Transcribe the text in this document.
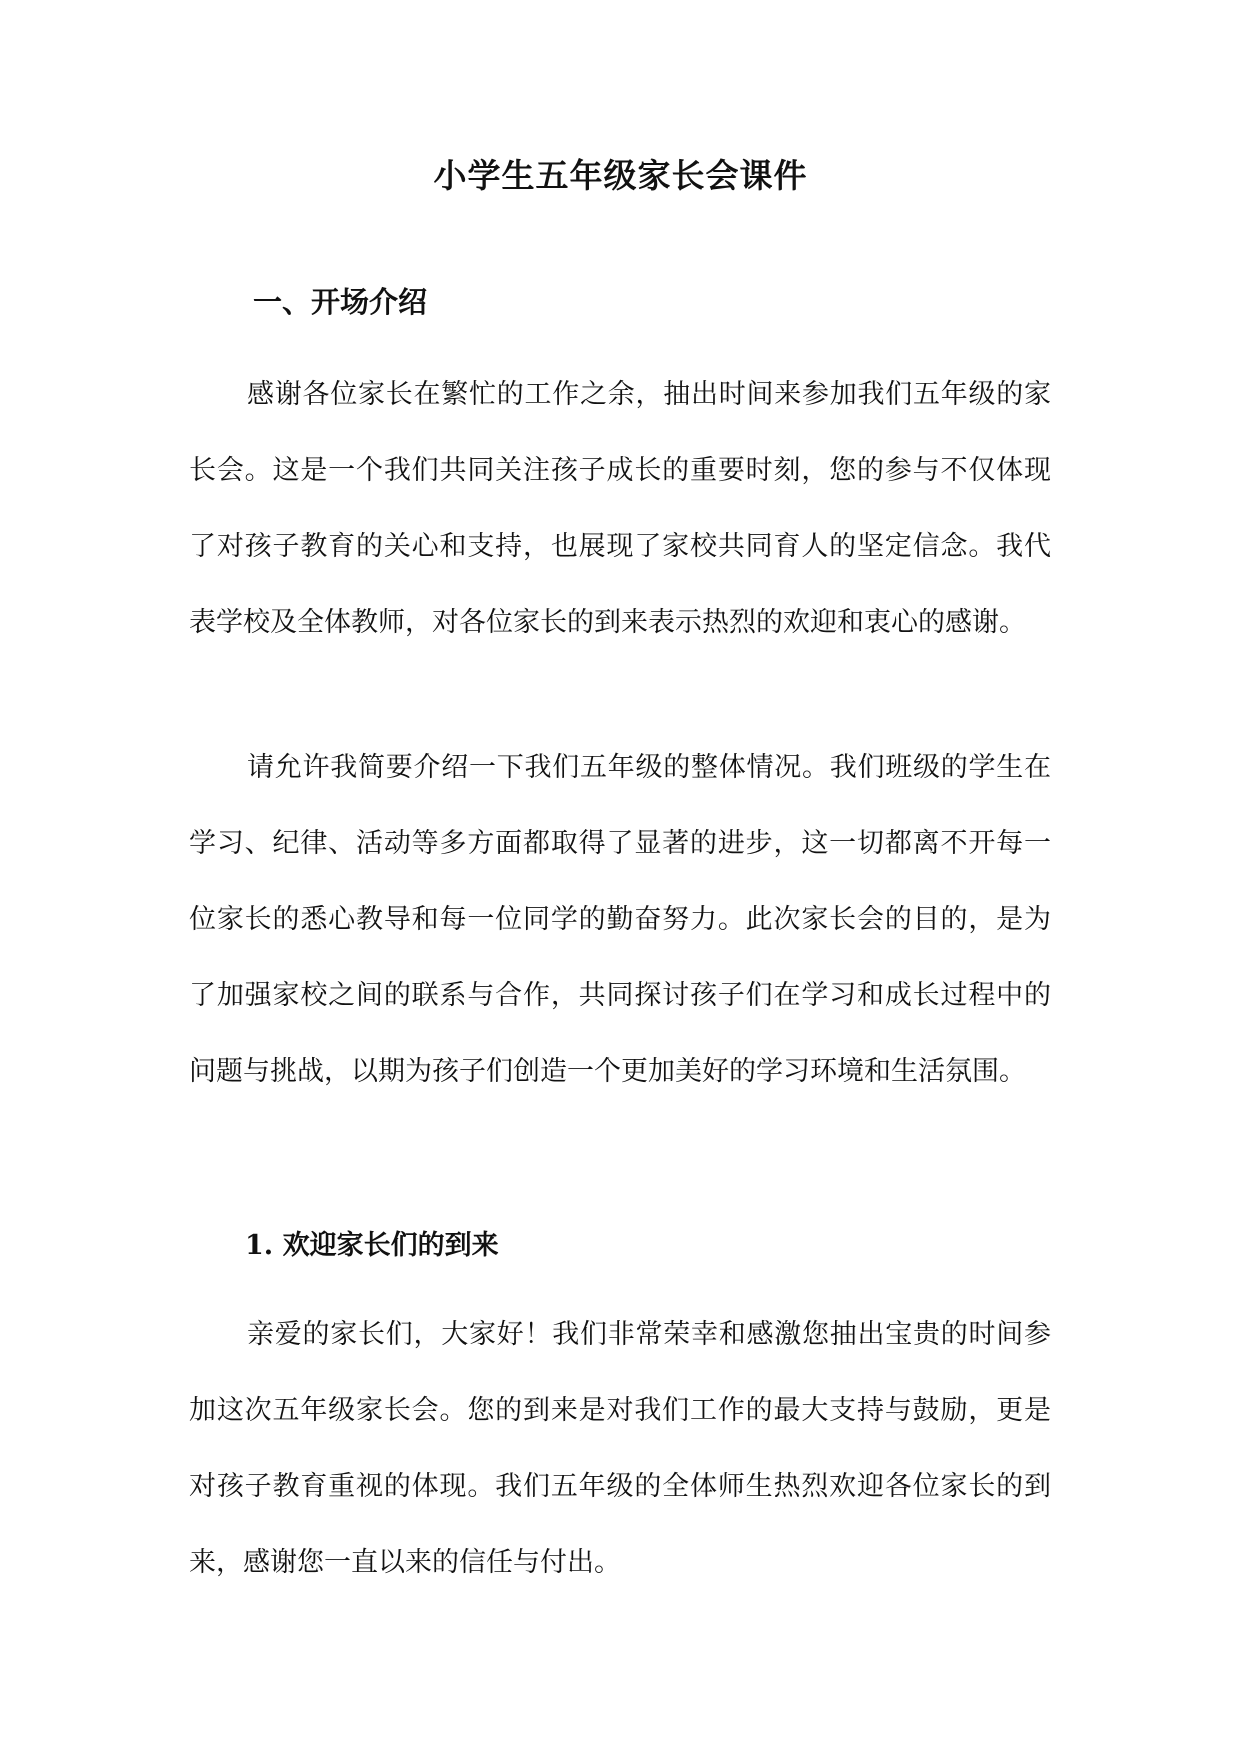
小学生五年级家长会课件
一、开场介绍

感谢各位家长在繁忙的工作之余，抽出时间来参加我们五年级的家长会。这是一个我们共同关注孩子成长的重要时刻，您的参与不仅体现了对孩子教育的关心和支持，也展现了家校共同育人的坚定信念。我代表学校及全体教师，对各位家长的到来表示热烈的欢迎和衷心的感谢。

请允许我简要介绍一下我们五年级的整体情况。我们班级的学生在学习、纪律、活动等多方面都取得了显著的进步，这一切都离不开每一位家长的悉心教导和每一位同学的勤奋努力。此次家长会的目的，是为了加强家校之间的联系与合作，共同探讨孩子们在学习和成长过程中的问题与挑战，以期为孩子们创造一个更加美好的学习环境和生活氛围。

1. 欢迎家长们的到来

亲爱的家长们，大家好！我们非常荣幸和感激您抽出宝贵的时间参加这次五年级家长会。您的到来是对我们工作的最大支持与鼓励，更是对孩子教育重视的体现。我们五年级的全体师生热烈欢迎各位家长的到来，感谢您一直以来的信任与付出。
